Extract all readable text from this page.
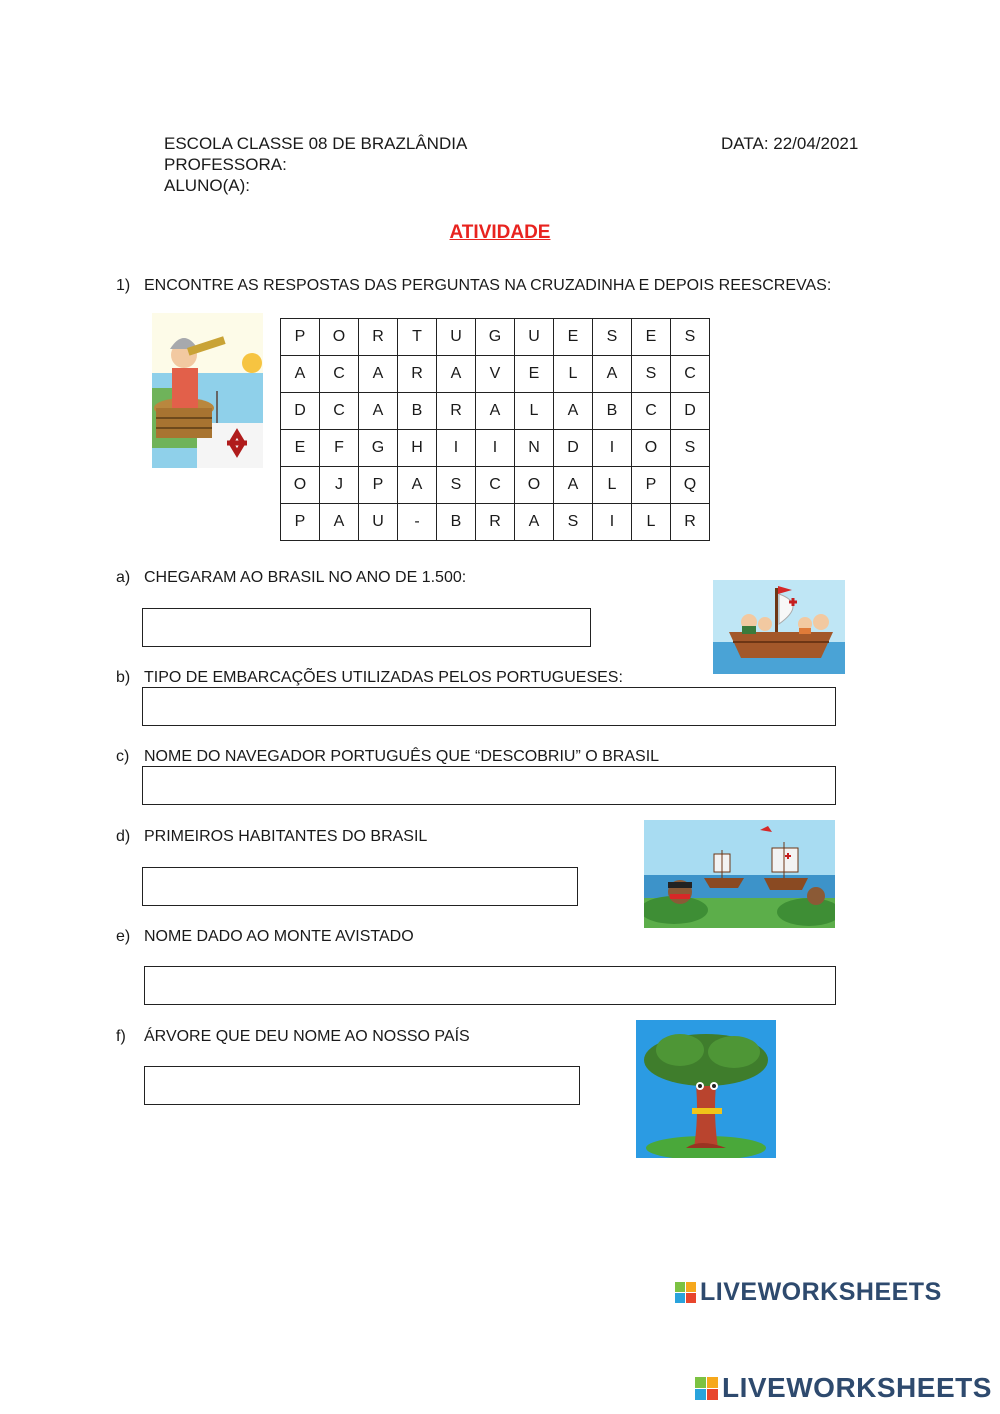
ESCOLA CLASSE 08 DE BRAZLÂNDIA
PROFESSORA:
ALUNO(A):
DATA: 22/04/2021
ATIVIDADE
1) ENCONTRE AS RESPOSTAS DAS PERGUNTAS NA CRUZADINHA E DEPOIS REESCREVAS:
P	O	R	T	U	G	U	E	S	E	S
A	C	A	R	A	V	E	L	A	S	C
D	C	A	B	R	A	L	A	B	C	D
E	F	G	H	I	I	N	D	I	O	S
O	J	P	A	S	C	O	A	L	P	Q
P	A	U	-	B	R	A	S	I	L	R
a) CHEGARAM AO BRASIL NO ANO DE 1.500:
b) TIPO DE EMBARCAÇÕES UTILIZADAS PELOS PORTUGUESES:
c) NOME DO NAVEGADOR PORTUGUÊS QUE “DESCOBRIU” O BRASIL
d) PRIMEIROS HABITANTES DO BRASIL
e) NOME DADO AO MONTE AVISTADO
f) ÁRVORE QUE DEU NOME AO NOSSO PAÍS
LIVEWORKSHEETS
LIVEWORKSHEETS
